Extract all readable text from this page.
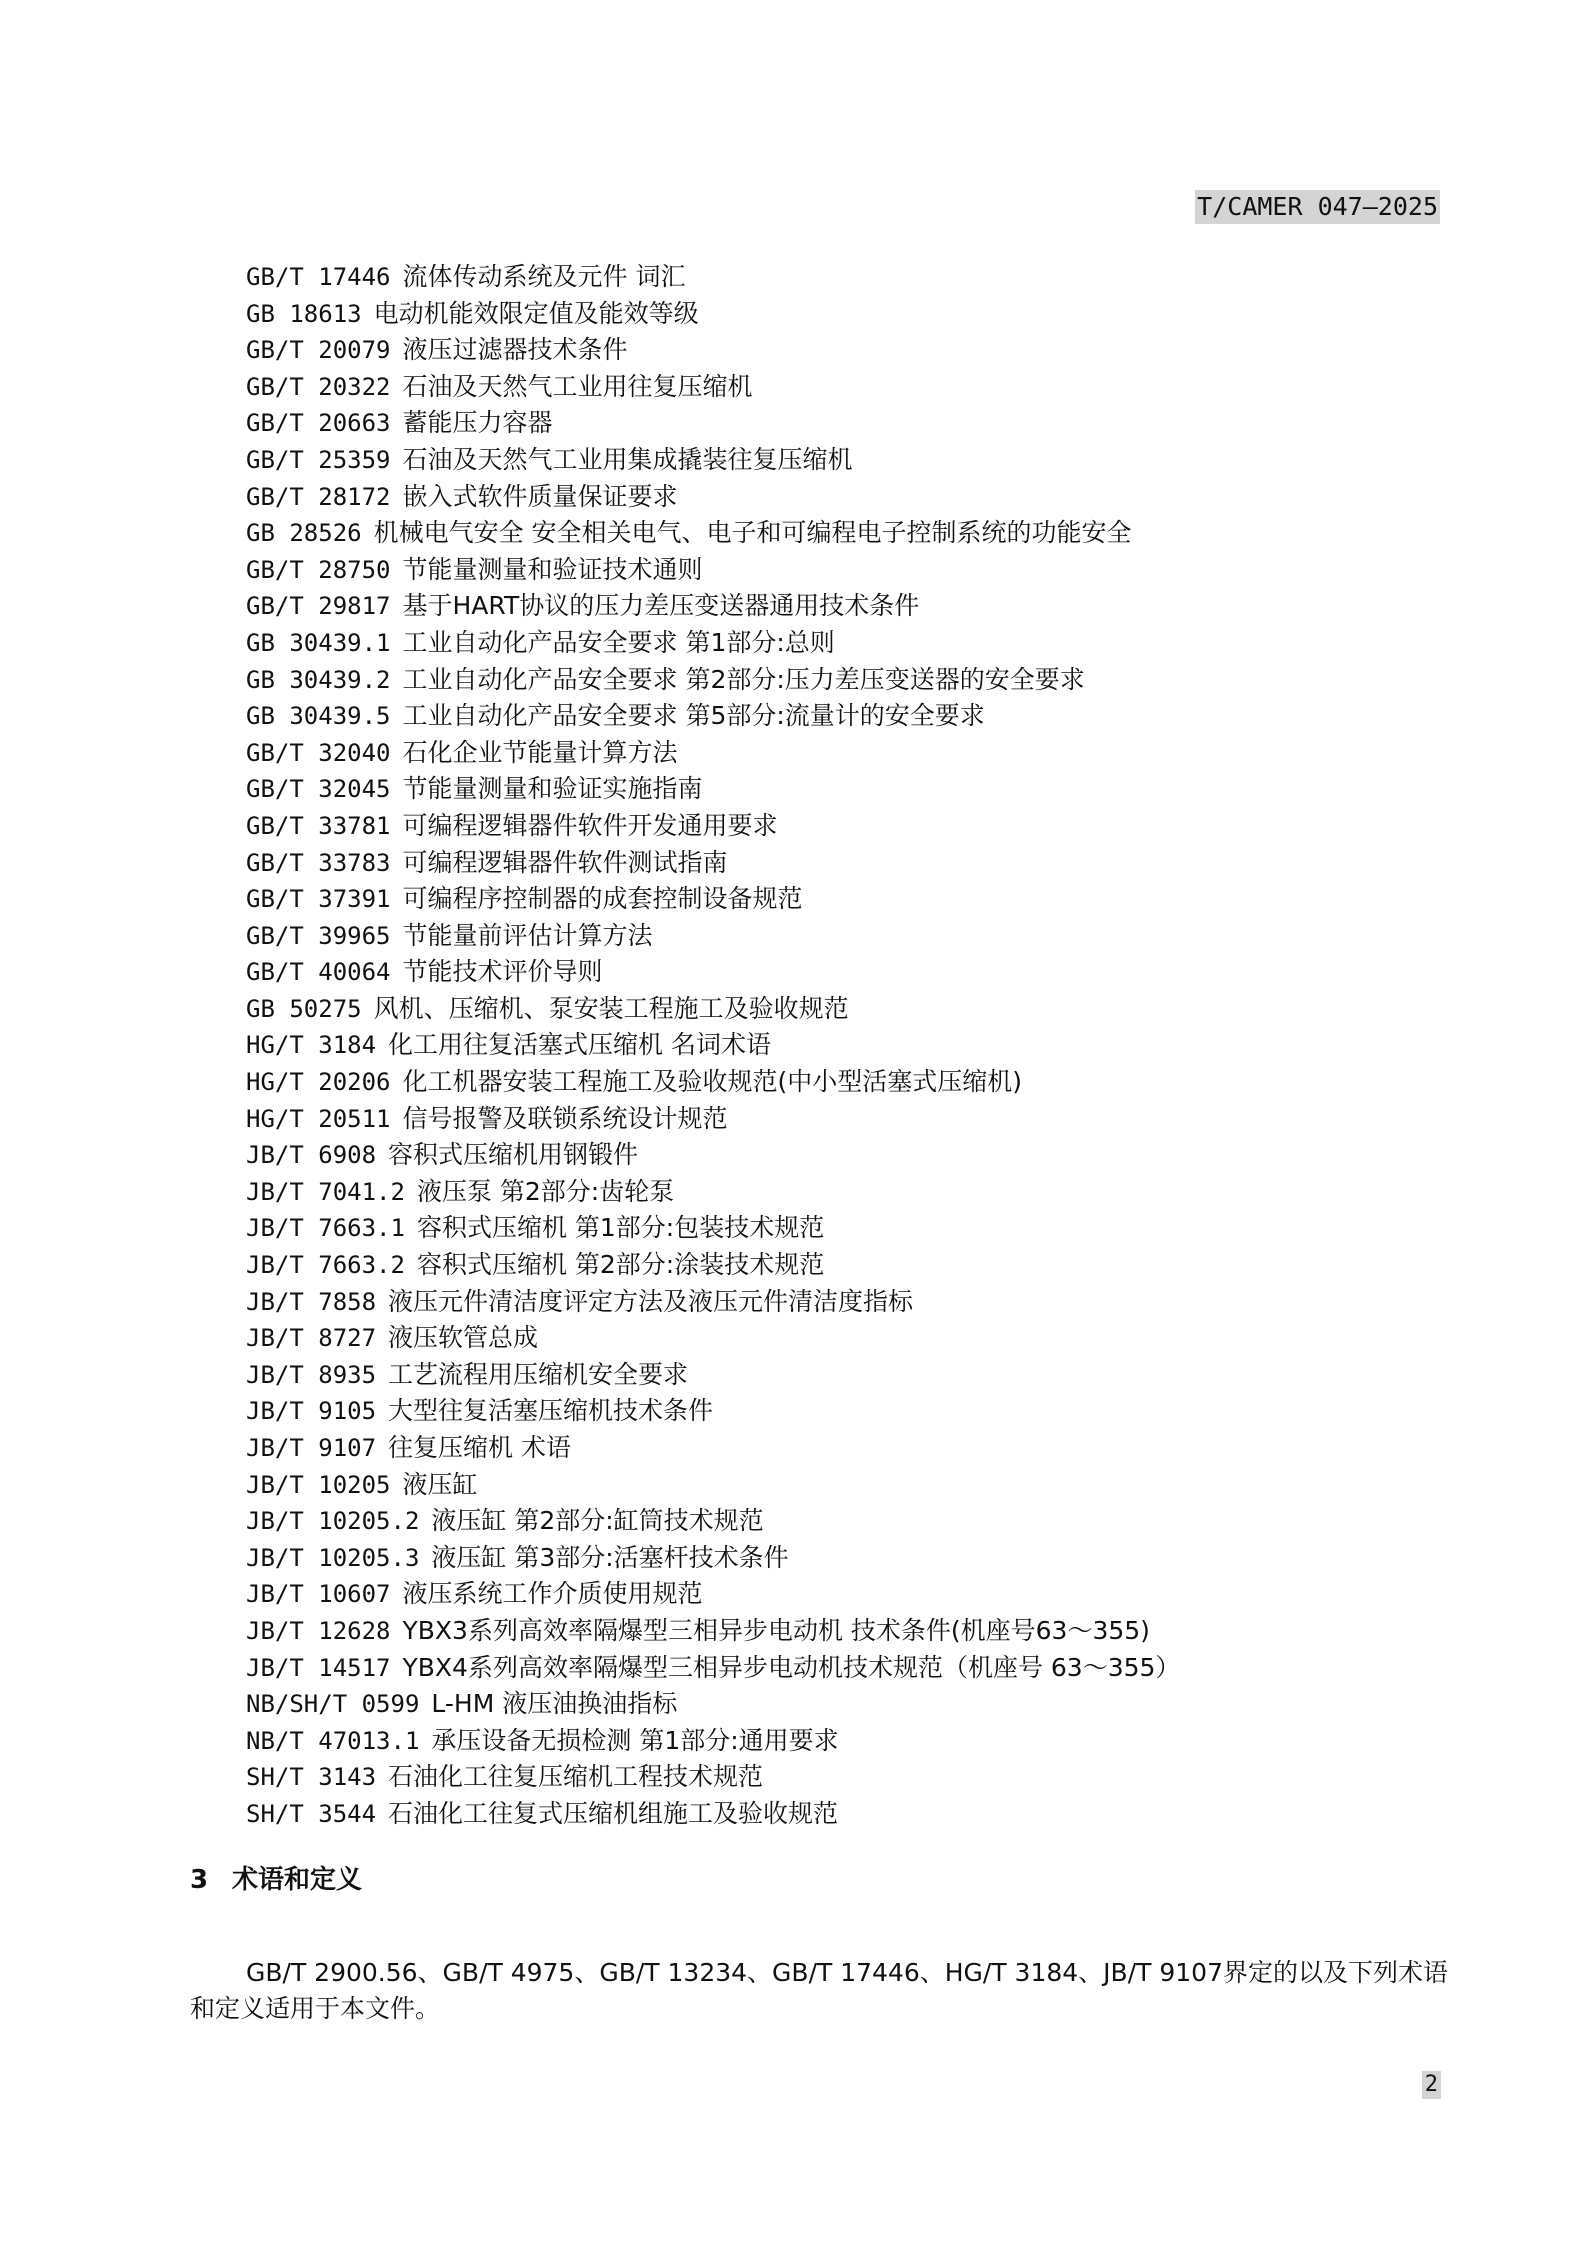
T/CAMER 047—2025
GB/T 17446 流体传动系统及元件 词汇
GB 18613 电动机能效限定值及能效等级
GB/T 20079 液压过滤器技术条件
GB/T 20322 石油及天然气工业用往复压缩机
GB/T 20663 蓄能压力容器
GB/T 25359 石油及天然气工业用集成撬装往复压缩机
GB/T 28172 嵌入式软件质量保证要求
GB 28526 机械电气安全 安全相关电气、电子和可编程电子控制系统的功能安全
GB/T 28750 节能量测量和验证技术通则
GB/T 29817 基于HART协议的压力差压变送器通用技术条件
GB 30439.1 工业自动化产品安全要求 第1部分:总则
GB 30439.2 工业自动化产品安全要求 第2部分:压力差压变送器的安全要求
GB 30439.5 工业自动化产品安全要求 第5部分:流量计的安全要求
GB/T 32040 石化企业节能量计算方法
GB/T 32045 节能量测量和验证实施指南
GB/T 33781 可编程逻辑器件软件开发通用要求
GB/T 33783 可编程逻辑器件软件测试指南
GB/T 37391 可编程序控制器的成套控制设备规范
GB/T 39965 节能量前评估计算方法
GB/T 40064 节能技术评价导则
GB 50275 风机、压缩机、泵安装工程施工及验收规范
HG/T 3184 化工用往复活塞式压缩机 名词术语
HG/T 20206 化工机器安装工程施工及验收规范(中小型活塞式压缩机)
HG/T 20511 信号报警及联锁系统设计规范
JB/T 6908 容积式压缩机用钢锻件
JB/T 7041.2 液压泵 第2部分:齿轮泵
JB/T 7663.1 容积式压缩机 第1部分:包装技术规范
JB/T 7663.2 容积式压缩机 第2部分:涂装技术规范
JB/T 7858 液压元件清洁度评定方法及液压元件清洁度指标
JB/T 8727 液压软管总成
JB/T 8935 工艺流程用压缩机安全要求
JB/T 9105 大型往复活塞压缩机技术条件
JB/T 9107 往复压缩机 术语
JB/T 10205 液压缸
JB/T 10205.2 液压缸 第2部分:缸筒技术规范
JB/T 10205.3 液压缸 第3部分:活塞杆技术条件
JB/T 10607 液压系统工作介质使用规范
JB/T 12628 YBX3系列高效率隔爆型三相异步电动机 技术条件(机座号63～355)
JB/T 14517 YBX4系列高效率隔爆型三相异步电动机技术规范（机座号 63～355）
NB/SH/T 0599 L-HM 液压油换油指标
NB/T 47013.1 承压设备无损检测 第1部分:通用要求
SH/T 3143 石油化工往复压缩机工程技术规范
SH/T 3544 石油化工往复式压缩机组施工及验收规范
3 术语和定义

GB/T 2900.56、GB/T 4975、GB/T 13234、GB/T 17446、HG/T 3184、JB/T 9107界定的以及下列术语和定义适用于本文件。

2
